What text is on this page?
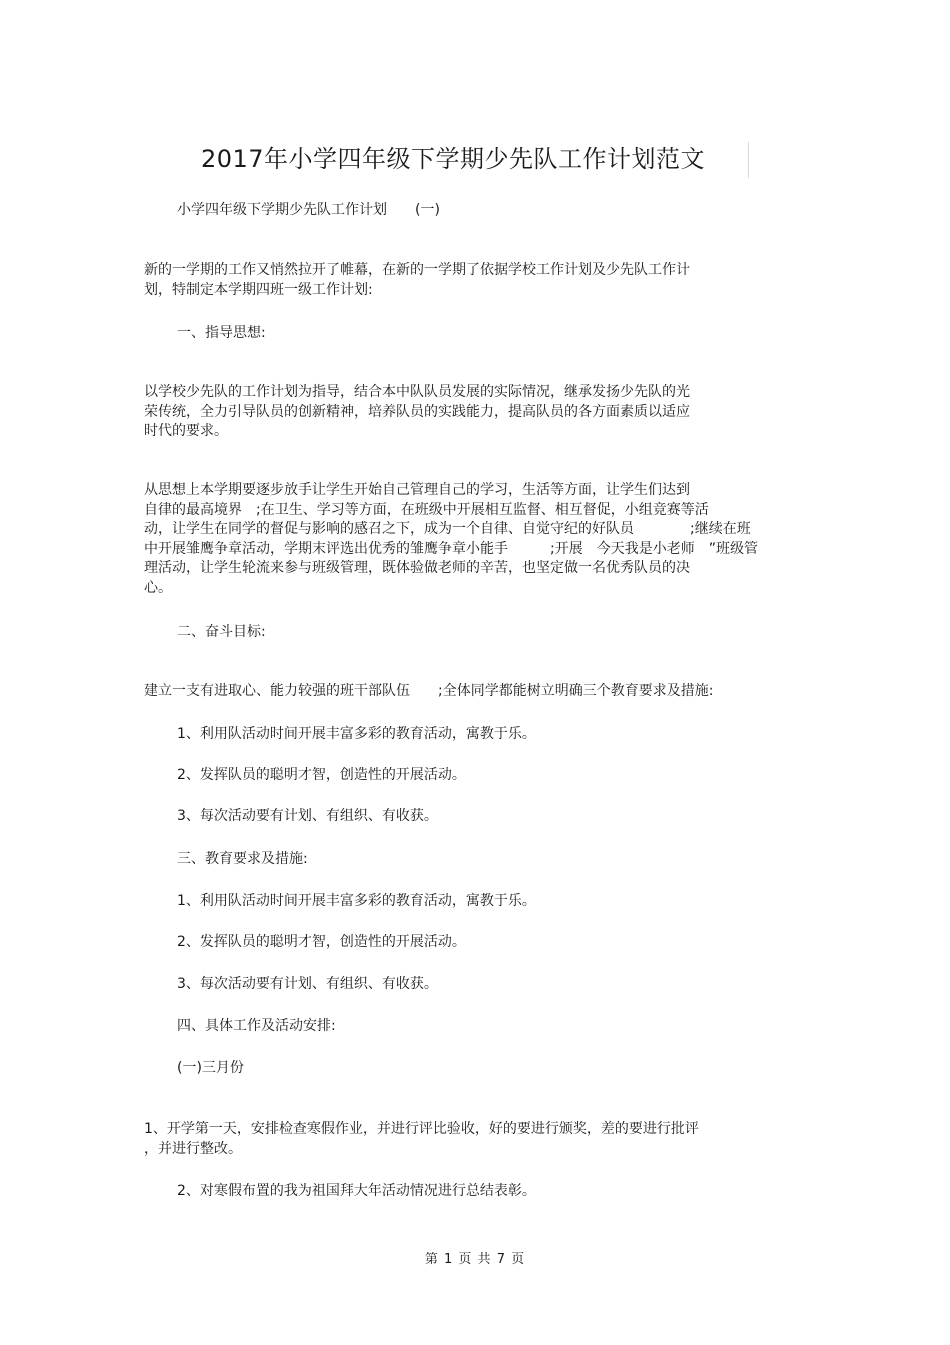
2017年小学四年级下学期少先队工作计划范文
小学四年级下学期少先队工作计划　　(一)
新的一学期的工作又悄然拉开了帷幕，在新的一学期了依据学校工作计划及少先队工作计
划，特制定本学期四班一级工作计划:
一、指导思想:
以学校少先队的工作计划为指导，结合本中队队员发展的实际情况，继承发扬少先队的光
荣传统，全力引导队员的创新精神，培养队员的实践能力，提高队员的各方面素质以适应
时代的要求。
从思想上本学期要逐步放手让学生开始自己管理自己的学习，生活等方面，让学生们达到
自律的最高境界　;在卫生、学习等方面，在班级中开展相互监督、相互督促，小组竞赛等活
动，让学生在同学的督促与影响的感召之下，成为一个自律、自觉守纪的好队员　　　　;继续在班
中开展雏鹰争章活动，学期末评选出优秀的雏鹰争章小能手　　　;开展　今天我是小老师　”班级管
理活动，让学生轮流来参与班级管理，既体验做老师的辛苦，也坚定做一名优秀队员的决
心。
二、奋斗目标:
建立一支有进取心、能力较强的班干部队伍　　;全体同学都能树立明确三个教育要求及措施:
1、利用队活动时间开展丰富多彩的教育活动，寓教于乐。
2、发挥队员的聪明才智，创造性的开展活动。
3、每次活动要有计划、有组织、有收获。
三、教育要求及措施:
1、利用队活动时间开展丰富多彩的教育活动，寓教于乐。
2、发挥队员的聪明才智，创造性的开展活动。
3、每次活动要有计划、有组织、有收获。
四、具体工作及活动安排:
(一)三月份
1、开学第一天，安排检查寒假作业，并进行评比验收，好的要进行颁奖，差的要进行批评
，并进行整改。
2、对寒假布置的我为祖国拜大年活动情况进行总结表彰。
第 1 页 共 7 页
